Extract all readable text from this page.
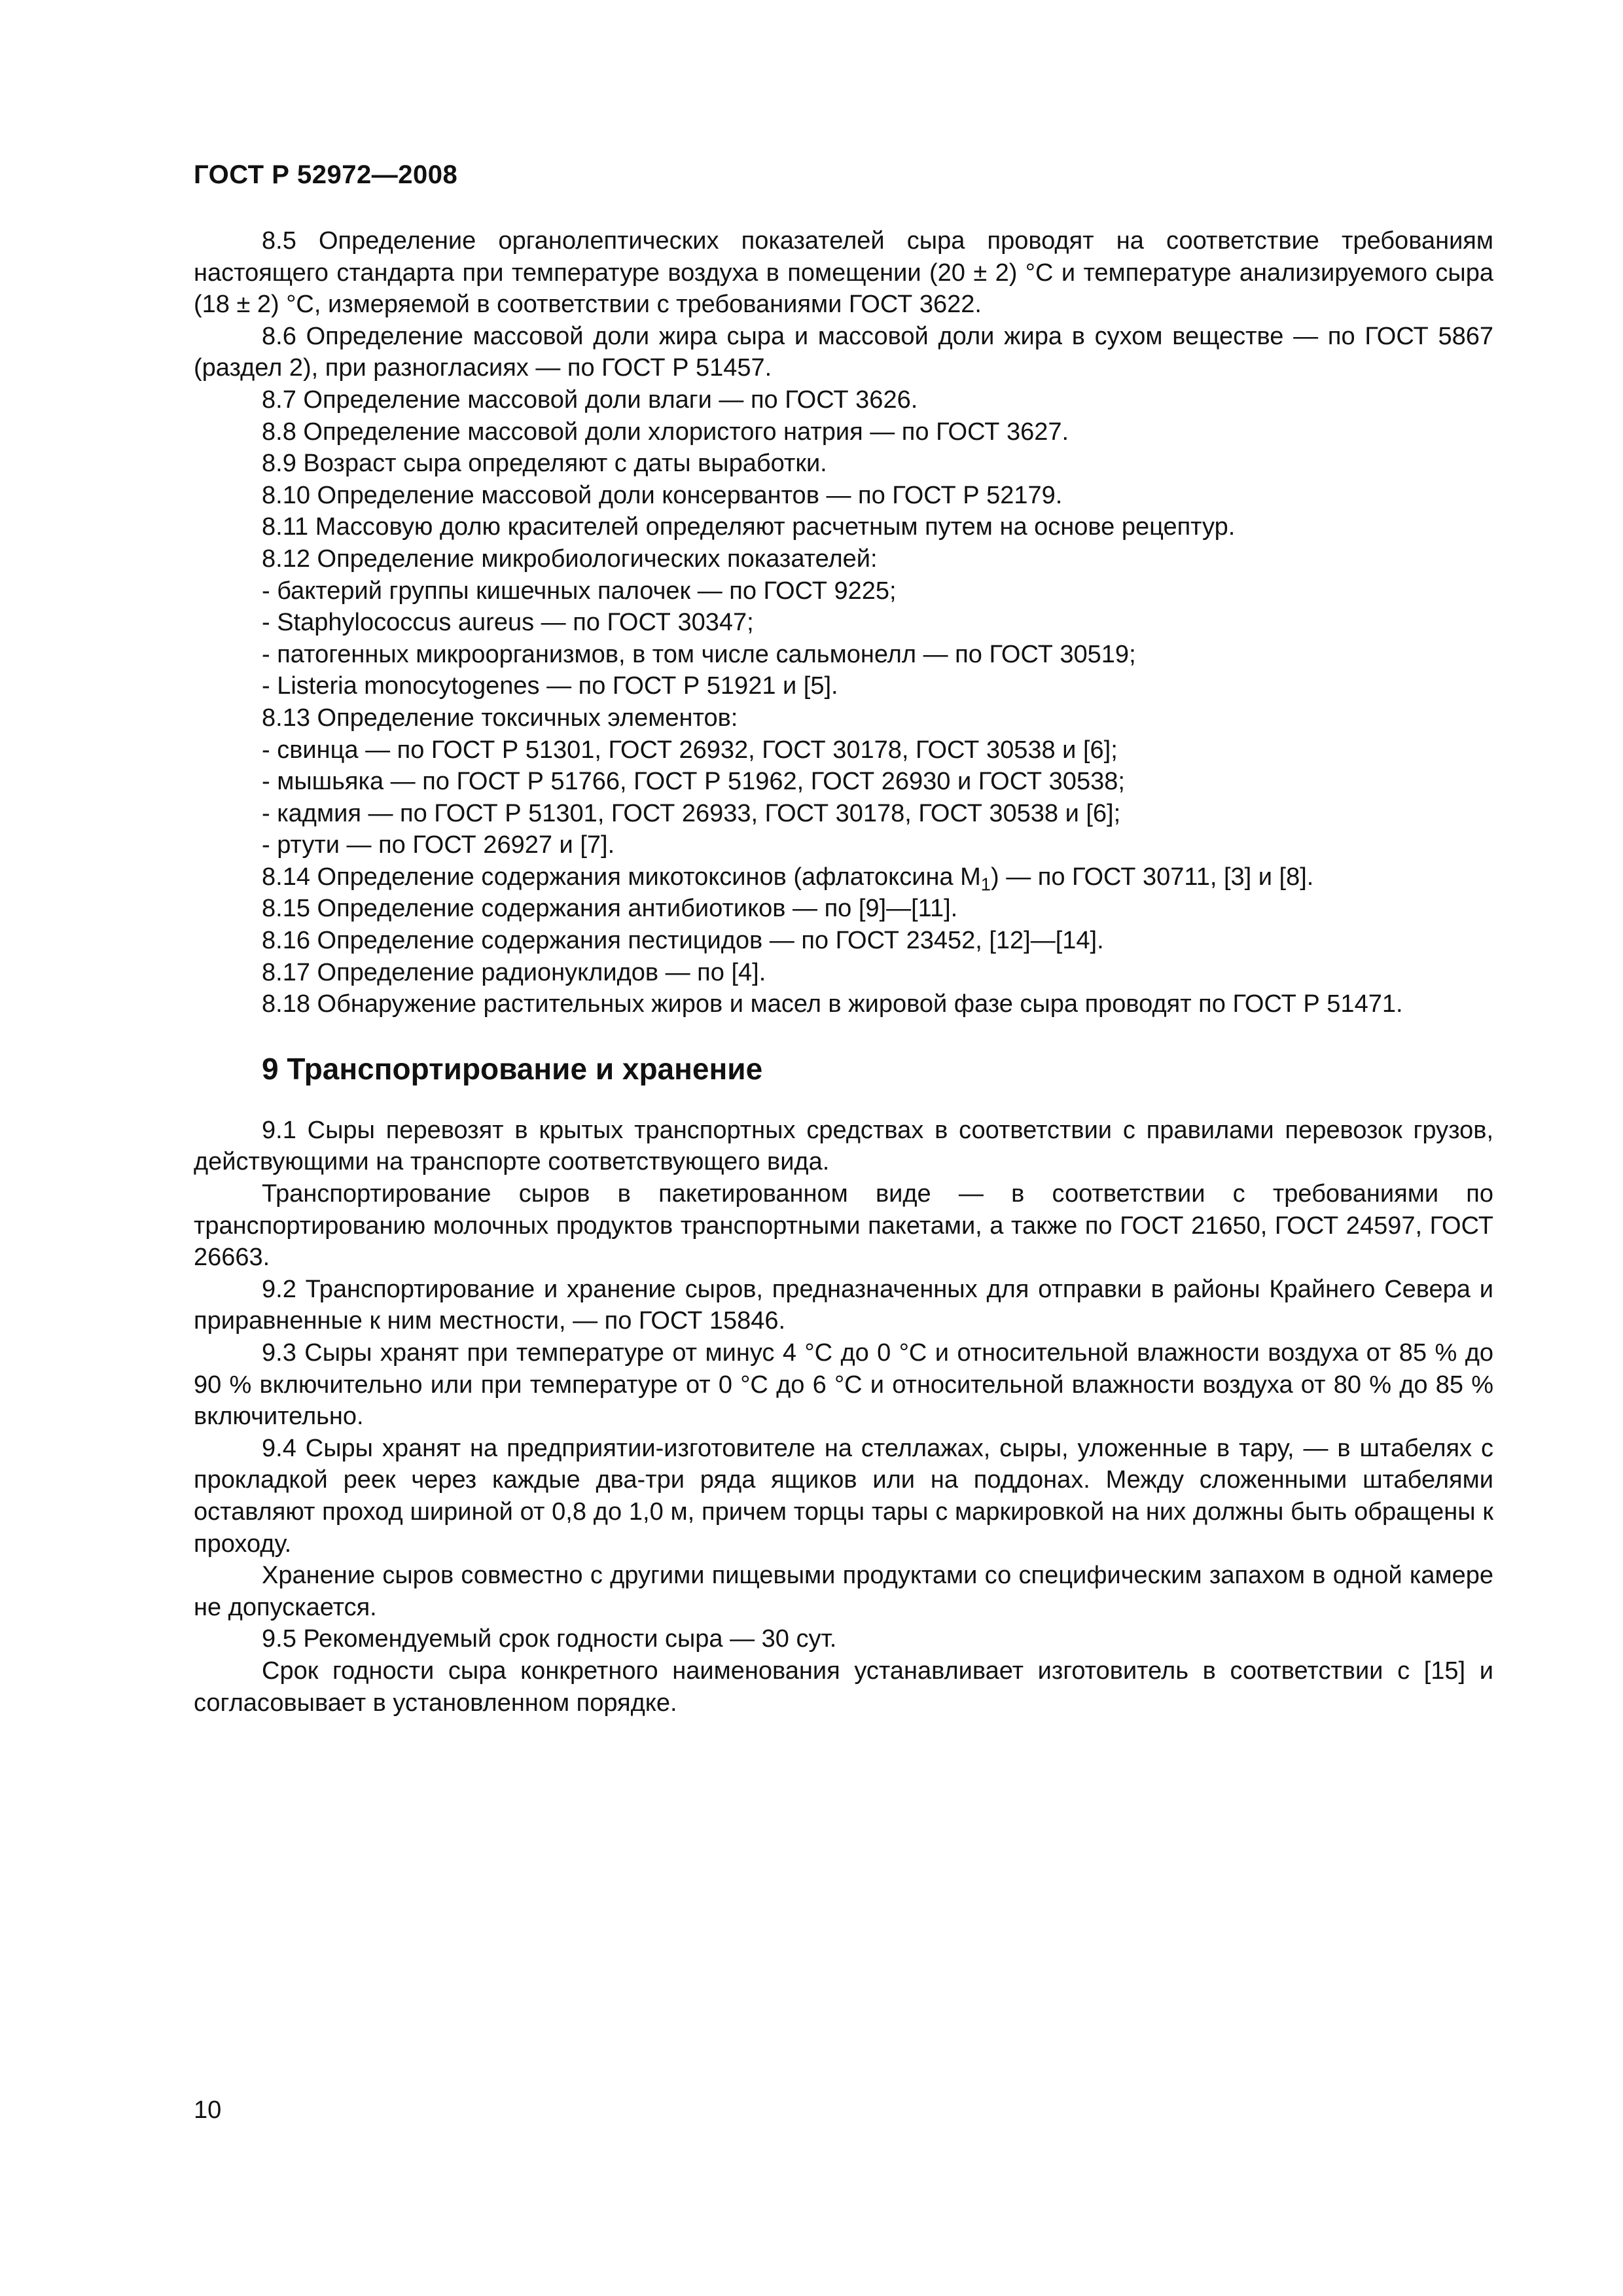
ГОСТ Р 52972—2008

8.5 Определение органолептических показателей сыра проводят на соответствие требованиям настоящего стандарта при температуре воздуха в помещении (20 ± 2) °С и температуре анализируемого сыра (18 ± 2) °С, измеряемой в соответствии с требованиями ГОСТ 3622.

8.6 Определение массовой доли жира сыра и массовой доли жира в сухом веществе — по ГОСТ 5867 (раздел 2), при разногласиях — по ГОСТ Р 51457.

8.7 Определение массовой доли влаги — по ГОСТ 3626.

8.8 Определение массовой доли хлористого натрия — по ГОСТ 3627.

8.9 Возраст сыра определяют с даты выработки.

8.10 Определение массовой доли консервантов — по ГОСТ Р 52179.

8.11 Массовую долю красителей определяют расчетным путем на основе рецептур.

8.12 Определение микробиологических показателей:

- бактерий группы кишечных палочек — по ГОСТ 9225;

- Staphylococcus aureus — по ГОСТ 30347;

- патогенных микроорганизмов, в том числе сальмонелл — по ГОСТ 30519;

- Listeria monocytogenes — по ГОСТ Р 51921 и [5].

8.13 Определение токсичных элементов:

- свинца — по ГОСТ Р 51301, ГОСТ 26932, ГОСТ 30178, ГОСТ 30538 и [6];

- мышьяка — по ГОСТ Р 51766, ГОСТ Р 51962, ГОСТ 26930 и ГОСТ 30538;

- кадмия — по ГОСТ Р 51301, ГОСТ 26933, ГОСТ 30178, ГОСТ 30538 и [6];

- ртути — по ГОСТ 26927 и [7].

8.14 Определение содержания микотоксинов (афлатоксина $М_1$) — по ГОСТ 30711, [3] и [8].

8.15 Определение содержания антибиотиков — по [9]—[11].

8.16 Определение содержания пестицидов — по ГОСТ 23452, [12]—[14].

8.17 Определение радионуклидов — по [4].

8.18 Обнаружение растительных жиров и масел в жировой фазе сыра проводят по ГОСТ Р 51471.

9 Транспортирование и хранение

9.1 Сыры перевозят в крытых транспортных средствах в соответствии с правилами перевозок грузов, действующими на транспорте соответствующего вида.

Транспортирование сыров в пакетированном виде — в соответствии с требованиями по транспортированию молочных продуктов транспортными пакетами, а также по ГОСТ 21650, ГОСТ 24597, ГОСТ 26663.

9.2 Транспортирование и хранение сыров, предназначенных для отправки в районы Крайнего Севера и приравненные к ним местности, — по ГОСТ 15846.

9.3 Сыры хранят при температуре от минус 4 °С до 0 °С и относительной влажности воздуха от 85 % до 90 % включительно или при температуре от 0 °С до 6 °С и относительной влажности воздуха от 80 % до 85 % включительно.

9.4 Сыры хранят на предприятии-изготовителе на стеллажах, сыры, уложенные в тару, — в штабелях с прокладкой реек через каждые два-три ряда ящиков или на поддонах. Между сложенными штабелями оставляют проход шириной от 0,8 до 1,0 м, причем торцы тары с маркировкой на них должны быть обращены к проходу.

Хранение сыров совместно с другими пищевыми продуктами со специфическим запахом в одной камере не допускается.

9.5 Рекомендуемый срок годности сыра — 30 сут.

Срок годности сыра конкретного наименования устанавливает изготовитель в соответствии с [15] и согласовывает в установленном порядке.

10
